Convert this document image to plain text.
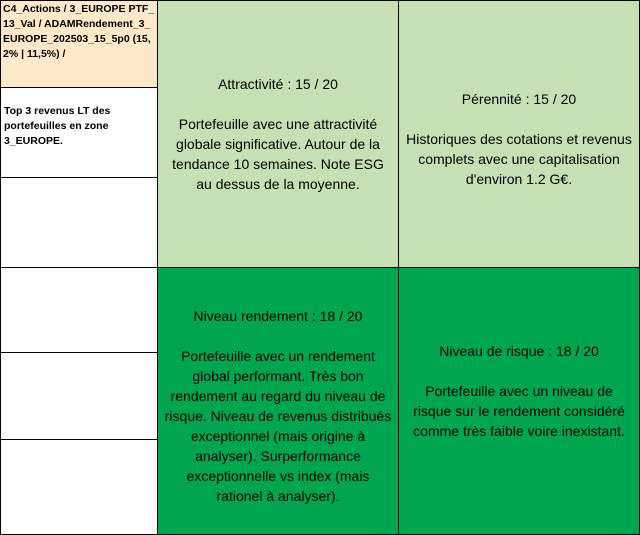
C4_Actions / 3_EUROPE PTF_13_Val / ADAMRendement_3_EUROPE_202503_15_5p0 (15,2% | 11,5%) /
Top 3 revenus LT des portefeuilles en zone 3_EUROPE.
Attractivité : 15 / 20
Portefeuille avec une attractivité globale significative. Autour de la tendance 10 semaines. Note ESG au dessus de la moyenne.
Pérennité : 15 / 20
Historiques des cotations et revenus complets avec une capitalisation d'environ 1.2 G€.
Niveau rendement : 18 / 20
Portefeuille avec un rendement global performant. Très bon rendement au regard du niveau de risque. Niveau de revenus distribués exceptionnel (mais origine à analyser). Surperformance exceptionnelle vs index (mais rationel à analyser).
Niveau de risque : 18 / 20
Portefeuille avec un niveau de risque sur le rendement considéré comme très faible voire inexistant.
